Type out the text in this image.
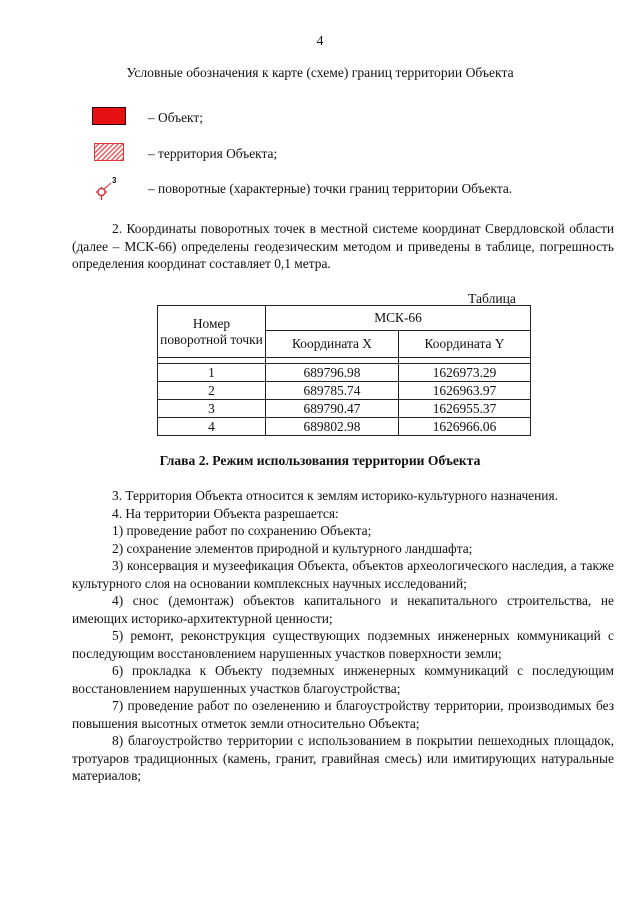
4
Условные обозначения к карте (схеме) границ территории Объекта
– Объект;
– территория Объекта;
3
– поворотные (характерные) точки границ территории Объекта.

2. Координаты поворотных точек в местной системе координат Свердловской области (далее – МСК-66) определены геодезическим методом и приведены в таблице, погрешность определения координат составляет 0,1 метра.

Таблица
Номер поворотной точки	МСК-66	
	Координата X	Координата Y

1	689796.98	1626973.29
2	689785.74	1626963.97
3	689790.47	1626955.37
4	689802.98	1626966.06
Глава 2. Режим использования территории Объекта

3. Территория Объекта относится к землям историко-культурного назначения.

4. На территории Объекта разрешается:

1) проведение работ по сохранению Объекта;

2) сохранение элементов природной и культурного ландшафта;

3) консервация и музеефикация Объекта, объектов археологического наследия, а также культурного слоя на основании комплексных научных исследований;

4) снос (демонтаж) объектов капитального и некапитального строительства, не имеющих историко-архитектурной ценности;

5) ремонт, реконструкция существующих подземных инженерных коммуникаций с последующим восстановлением нарушенных участков поверхности земли;

6) прокладка к Объекту подземных инженерных коммуникаций с последующим восстановлением нарушенных участков благоустройства;

7) проведение работ по озеленению и благоустройству территории, производимых без повышения высотных отметок земли относительно Объекта;

8) благоустройство территории с использованием в покрытии пешеходных площадок, тротуаров традиционных (камень, гранит, гравийная смесь) или имитирующих натуральные материалов;
